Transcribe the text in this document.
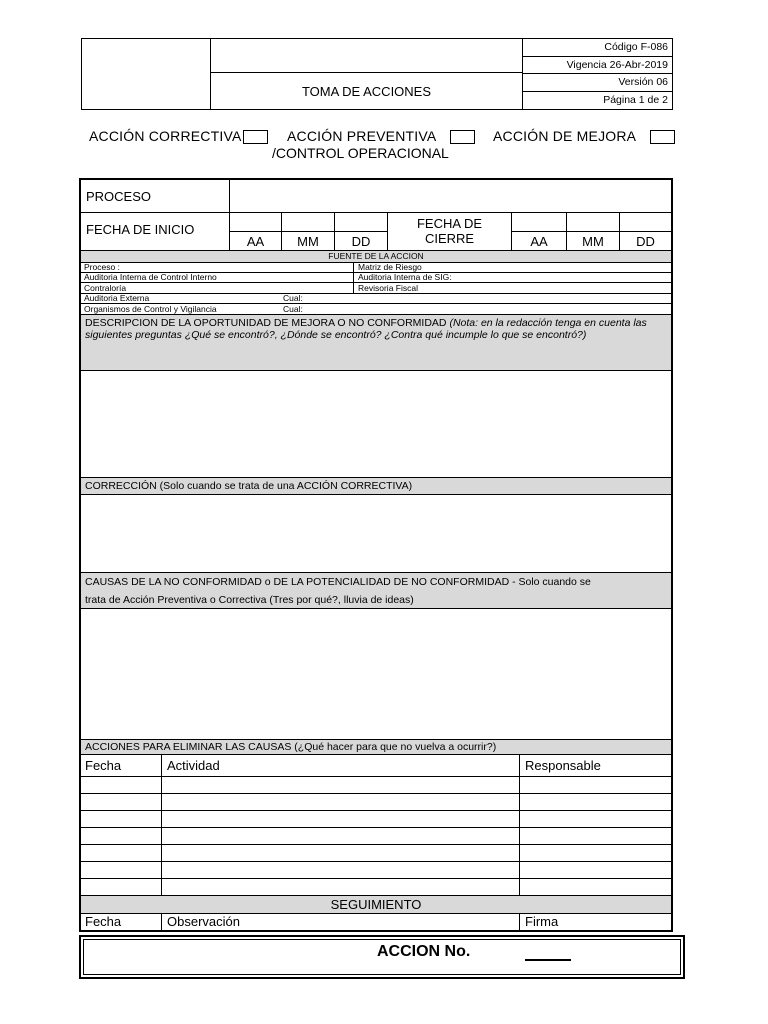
TOMA DE ACCIONES
Código F-086
Vigencia 26-Abr-2019
Versión 06
Página 1 de 2
ACCIÓN CORRECTIVA	ACCIÓN PREVENTIVA
/CONTROL OPERACIONAL
ACCIÓN DE MEJORA
PROCESO
FECHA DE INICIO
AA	MM	DD
FECHA DE CIERRE	AA	MM	DD
FUENTE DE LA ACCION
Proceso :	Matriz de Riesgo
Auditoria Interna de Control Interno	Auditoria Interna de SIG:
Contraloría	Revisoria Fiscal
Auditoria Externa	Cual:
Organismos de Control y Vigilancia	Cual:
DESCRIPCION DE LA OPORTUNIDAD DE MEJORA O NO CONFORMIDAD (Nota: en la redacción tenga en cuenta las siguientes preguntas ¿Qué se encontró?, ¿Dónde se encontró? ¿Contra qué incumple lo que se encontró?)
CORRECCIÓN (Solo cuando se trata de una ACCIÓN CORRECTIVA)
CAUSAS DE LA NO CONFORMIDAD o DE LA POTENCIALIDAD DE NO CONFORMIDAD - Solo cuando se
trata de Acción Preventiva o Correctiva (Tres por qué?, lluvia de ideas)
ACCIONES PARA ELIMINAR LAS CAUSAS (¿Qué hacer para que no vuelva a ocurrir?)
Fecha	Actividad	Responsable
SEGUIMIENTO
Fecha	Observación	Firma
ACCION No.
